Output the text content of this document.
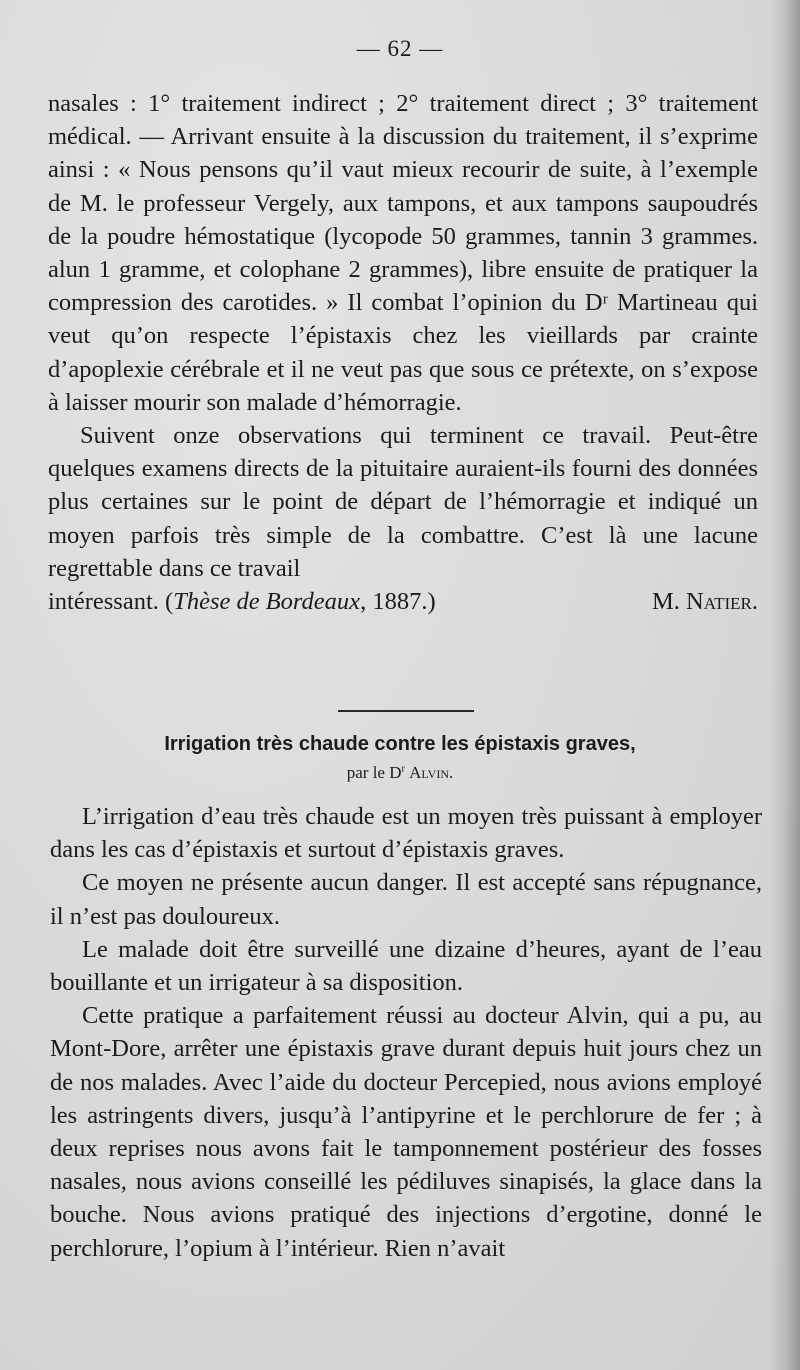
— 62 —

nasales : 1° traitement indirect ; 2° traitement direct ; 3° traitement médical. — Arrivant ensuite à la discussion du traitement, il s’exprime ainsi : « Nous pensons qu’il vaut mieux recourir de suite, à l’exemple de M. le professeur Vergely, aux tampons, et aux tampons saupoudrés de la poudre hémostatique (lycopode 50 grammes, tannin 3 grammes. alun 1 gramme, et colophane 2 grammes), libre ensuite de pratiquer la compression des carotides. » Il combat l’opinion du Dʳ Martineau qui veut qu’on respecte l’épistaxis chez les vieillards par crainte d’apoplexie cérébrale et il ne veut pas que sous ce prétexte, on s’expose à laisser mourir son malade d’hémorragie.

Suivent onze observations qui terminent ce travail. Peut-être quelques examens directs de la pituitaire auraient-ils fourni des données plus certaines sur le point de départ de l’hémorragie et indiqué un moyen parfois très simple de la combattre. C’est là une lacune regrettable dans ce travail

intéressant. (Thèse de Bordeaux, 1887.)	M. Natier.
Irrigation très chaude contre les épistaxis graves,
par le $D^r$ Alvin.

L’irrigation d’eau très chaude est un moyen très puissant à employer dans les cas d’épistaxis et surtout d’épistaxis graves.

Ce moyen ne présente aucun danger. Il est accepté sans répugnance, il n’est pas douloureux.

Le malade doit être surveillé une dizaine d’heures, ayant de l’eau bouillante et un irrigateur à sa disposition.

Cette pratique a parfaitement réussi au docteur Alvin, qui a pu, au Mont-Dore, arrêter une épistaxis grave durant depuis huit jours chez un de nos malades. Avec l’aide du docteur Percepied, nous avions employé les astringents divers, jusqu’à l’antipyrine et le perchlorure de fer ; à deux reprises nous avons fait le tamponnement postérieur des fosses nasales, nous avions conseillé les pédiluves sinapisés, la glace dans la bouche. Nous avions pratiqué des injections d’ergotine, donné le perchlorure, l’opium à l’intérieur. Rien n’avait
